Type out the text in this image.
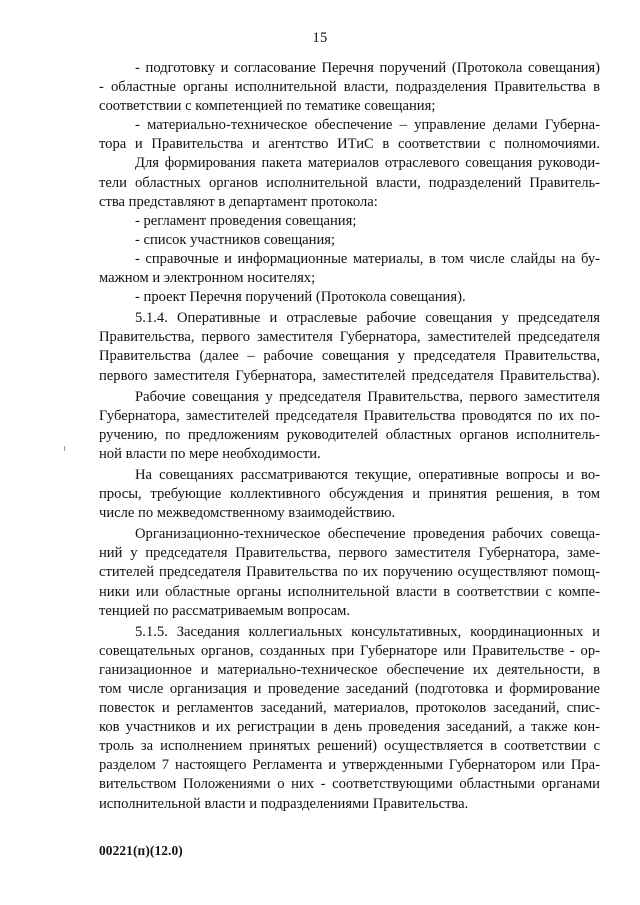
15
- подготовку и согласование Перечня поручений (Протокола совещания)
- областные органы исполнительной власти, подразделения Правительства в
соответствии с компетенцией по тематике совещания;
- материально-техническое обеспечение – управление делами Губерна-
тора и Правительства и агентство ИТиС в соответствии с полномочиями.
Для формирования пакета материалов отраслевого совещания руководи-
тели областных органов исполнительной власти, подразделений Правитель-
ства представляют в департамент протокола:
- регламент проведения совещания;
- список участников совещания;
- справочные и информационные материалы, в том числе слайды на бу-
мажном и электронном носителях;
- проект Перечня поручений (Протокола совещания).
5.1.4. Оперативные и отраслевые рабочие совещания у председателя
Правительства, первого заместителя Губернатора, заместителей председателя
Правительства (далее – рабочие совещания у председателя Правительства,
первого заместителя Губернатора, заместителей председателя Правительства).
Рабочие совещания у председателя Правительства, первого заместителя
Губернатора, заместителей председателя Правительства проводятся по их по-
ручению, по предложениям руководителей областных органов исполнитель-
ной власти по мере необходимости.
На совещаниях рассматриваются текущие, оперативные вопросы и во-
просы, требующие коллективного обсуждения и принятия решения, в том
числе по межведомственному взаимодействию.
Организационно-техническое обеспечение проведения рабочих совеща-
ний у председателя Правительства, первого заместителя Губернатора, заме-
стителей председателя Правительства по их поручению осуществляют помощ-
ники или областные органы исполнительной власти в соответствии с компе-
тенцией по рассматриваемым вопросам.
5.1.5. Заседания коллегиальных консультативных, координационных и
совещательных органов, созданных при Губернаторе или Правительстве - ор-
ганизационное и материально-техническое обеспечение их деятельности, в
том числе организация и проведение заседаний (подготовка и формирование
повесток и регламентов заседаний, материалов, протоколов заседаний, спис-
ков участников и их регистрации в день проведения заседаний, а также кон-
троль за исполнением принятых решений) осуществляется в соответствии с
разделом 7 настоящего Регламента и утвержденными Губернатором или Пра-
вительством Положениями о них - соответствующими областными органами
исполнительной власти и подразделениями Правительства.
00221(п)(12.0)
